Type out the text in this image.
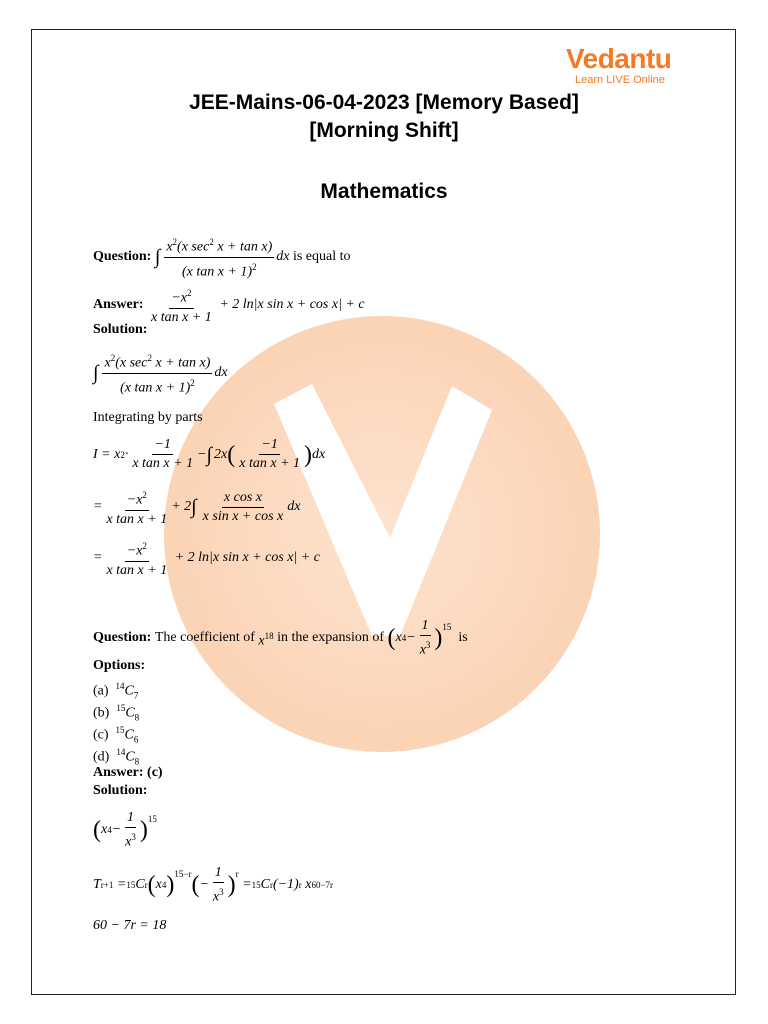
Vedantu
Learn LIVE Online
JEE-Mains-06-04-2023 [Memory Based]
[Morning Shift]
Mathematics
Question:
∫ $\frac{x^2(x \sec^2 x + \tan x)}{(x \tan x + 1)^2}$ dx
is equal to
Answer:
$\frac{-x^2}{\text{x tan x + 1}} + 2$ ln|x sin x + cos x| + c
Solution:
∫ $\frac{x^2(x \sec^2 x + \tan x)}{(x \tan x + 1)^2}$ dx
Integrating by parts
I = x $2 \cdot \frac{-1}{\text{x tan x + 1}}$ − ∫ 2x ( $\frac{-1}{\text{x tan x + 1}}$ ) dx
= $\frac{-x^2}{\text{x tan x + 1}} + 2$ ∫ $\frac{\text{x cos x}}{\text{x sin x + cos x}}$ dx
= $\frac{-x^2}{\text{x tan x + 1}} + 2$ ln|x sin x + cos x| + c
Question:
The coefficient of
$x^{18}$
in the expansion of
( x $4 - \frac{1}{x^3} )^{15}$

is
Options:
(a) $^{14}C_7$
(b) $^{15}C_8$
(c) $^{15}C_6$
(d) $^{14}C_8$
Answer: (c)
Solution:
( x $4 - \frac{1}{x^3} )^{15}$
T r+1 = 15 C r ( x 4 )$^{15-r}$ ( − $\frac{1}{x^3} )^r$
= $_{15}$ C r (−1) r x 60−7r
60 − 7r = 18
